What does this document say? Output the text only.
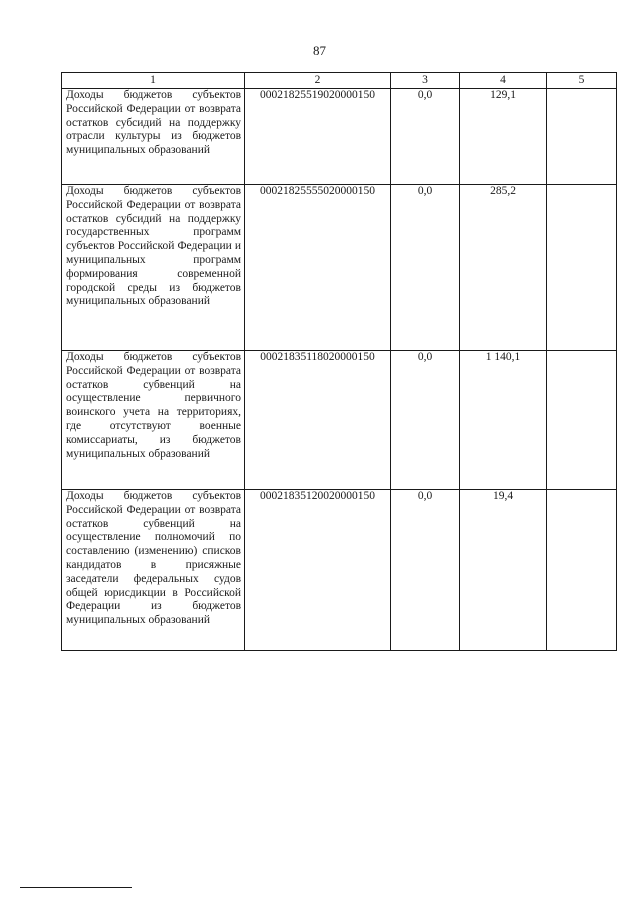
87
1	2	3	4	5
Доходы бюджетов субъектов Российской Федерации от возврата остатков субсидий на поддержку отрасли культуры из бюджетов муниципальных образований	00021825519020000150	0,0	129,1	
Доходы бюджетов субъектов Российской Федерации от возврата остатков субсидий на поддержку государственных программ субъектов Российской Федерации и муниципальных программ формирования современной городской среды из бюджетов муниципальных образований	00021825555020000150	0,0	285,2	
Доходы бюджетов субъектов Российской Федерации от возврата остатков субвенций на осуществление первичного воинского учета на территориях, где отсутствуют военные комиссариаты, из бюджетов муниципальных образований	00021835118020000150	0,0	1 140,1	
Доходы бюджетов субъектов Российской Федерации от возврата остатков субвенций на осуществление полномочий по составлению (изменению) списков кандидатов в присяжные заседатели федеральных судов общей юрисдикции в Российской Федерации из бюджетов муниципальных образований	00021835120020000150	0,0	19,4	
